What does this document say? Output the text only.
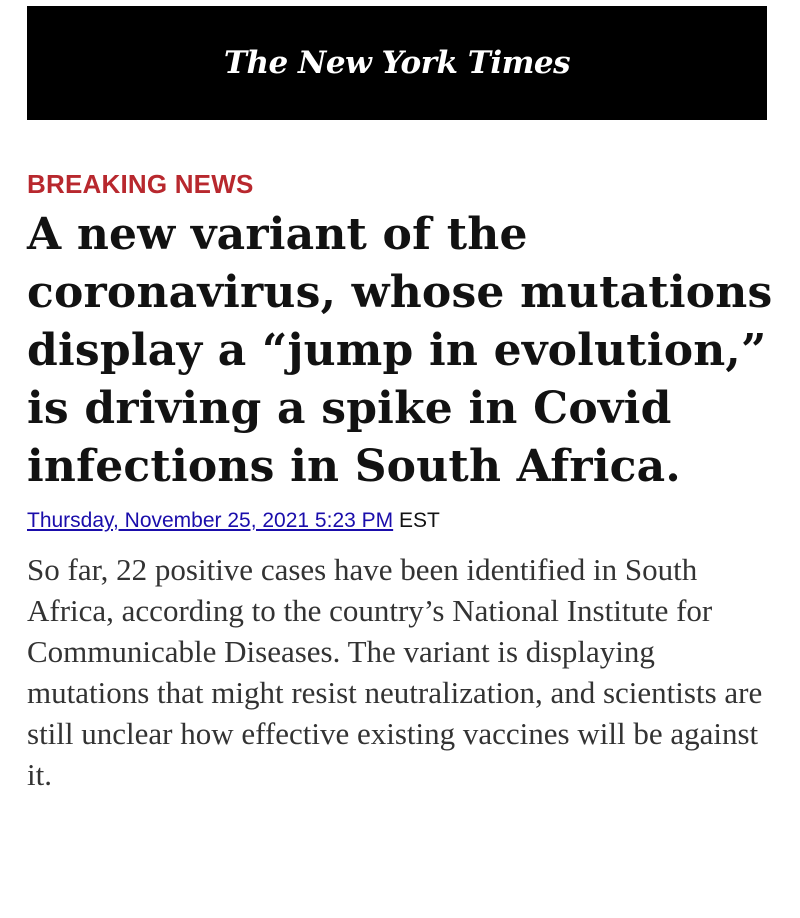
The New York Times

BREAKING NEWS

A new variant of the coronavirus, whose mutations display a “jump in evolution,” is driving a spike in Covid infections in South Africa.
Thursday, November 25, 2021 5:23 PM EST

So far, 22 positive cases have been identified in South Africa, according to the country’s National Institute for Communicable Diseases. The variant is displaying mutations that might resist neutralization, and scientists are still unclear how effective existing vaccines will be against it.
